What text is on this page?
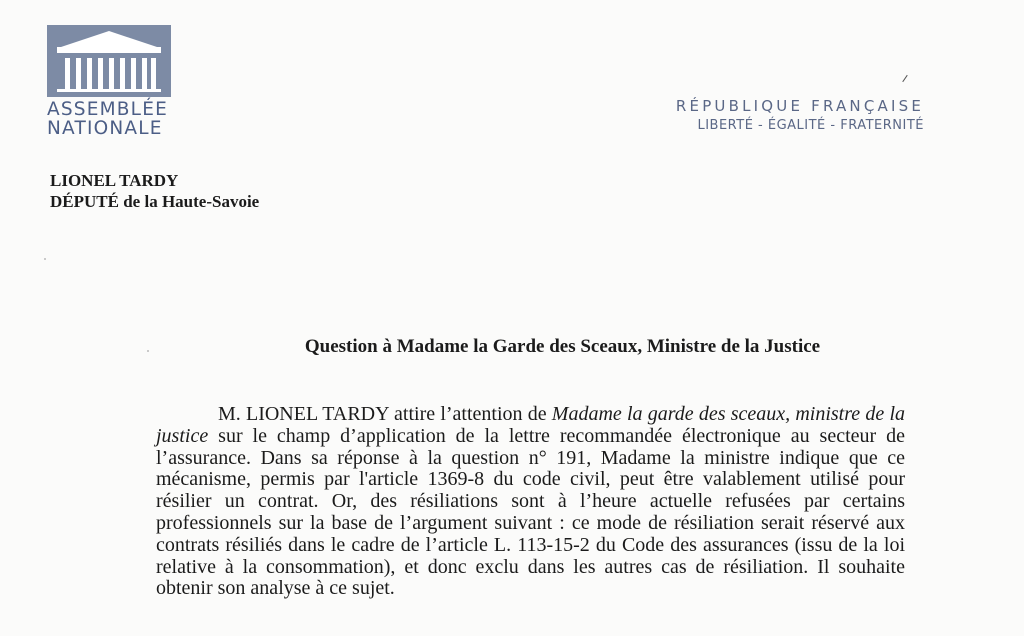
ASSEMBLÉE
NATIONALE
RÉPUBLIQUE FRANÇAISE
LIBERTÉ - ÉGALITÉ - FRATERNITÉ
LIONEL TARDY
DÉPUTÉ de la Haute-Savoie
Question à Madame la Garde des Sceaux, Ministre de la Justice
M. LIONEL TARDY attire l’attention de Madame la garde des sceaux, ministre de la justice sur le champ d’application de la lettre recommandée électronique au secteur de l’assurance. Dans sa réponse à la question n° 191, Madame la ministre indique que ce mécanisme, permis par l'article 1369-8 du code civil, peut être valablement utilisé pour résilier un contrat. Or, des résiliations sont à l’heure actuelle refusées par certains professionnels sur la base de l’argument suivant : ce mode de résiliation serait réservé aux contrats résiliés dans le cadre de l’article L. 113-15-2 du Code des assurances (issu de la loi relative à la consommation), et donc exclu dans les autres cas de résiliation. Il souhaite obtenir son analyse à ce sujet.
